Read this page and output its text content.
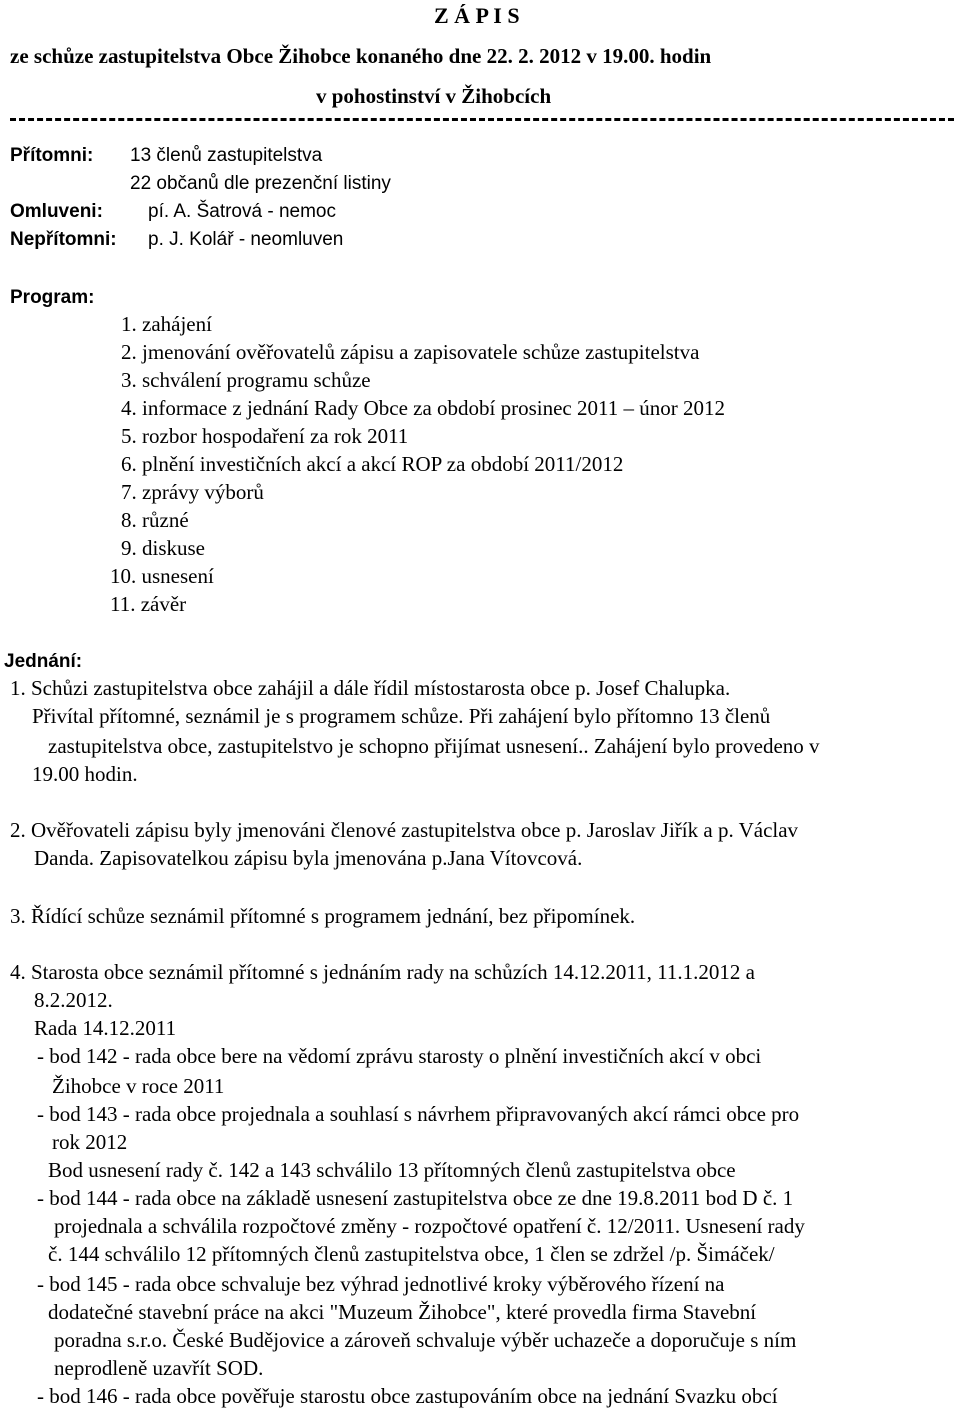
Z Á P I S
ze schůze zastupitelstva Obce Žihobce konaného dne 22. 2. 2012 v 19.00. hodin
v pohostinství v Žihobcích
Přítomni: 13 členů zastupitelstva
22 občanů dle prezenční listiny
Omluveni: pí. A. Šatrová - nemoc
Nepřítomni: p. J. Kolář - neomluven
Program:
1. zahájení
2. jmenování ověřovatelů zápisu a zapisovatele schůze zastupitelstva
3. schválení programu schůze
4. informace z jednání Rady Obce za období prosinec 2011 – únor 2012
5. rozbor hospodaření za rok 2011
6. plnění investičních akcí a akcí ROP za období 2011/2012
7. zprávy výborů
8. různé
9. diskuse
10. usnesení
11. závěr
Jednání:
1. Schůzi zastupitelstva obce zahájil a dále řídil místostarosta obce p. Josef Chalupka.
Přivítal přítomné, seznámil je s programem schůze. Při zahájení bylo přítomno 13 členů
zastupitelstva obce, zastupitelstvo je schopno přijímat usnesení.. Zahájení bylo provedeno v
19.00 hodin.
2. Ověřovateli zápisu byly jmenováni členové zastupitelstva obce p. Jaroslav Jiřík a p. Václav
Danda. Zapisovatelkou zápisu byla jmenována p.Jana Vítovcová.
3. Řídící schůze seznámil přítomné s programem jednání, bez připomínek.
4. Starosta obce seznámil přítomné s jednáním rady na schůzích 14.12.2011, 11.1.2012 a
8.2.2012.
Rada 14.12.2011
- bod 142 - rada obce bere na vědomí zprávu starosty o plnění investičních akcí v obci
Žihobce v roce 2011
- bod 143 - rada obce projednala a souhlasí s návrhem připravovaných akcí rámci obce pro
rok 2012
Bod usnesení rady č. 142 a 143 schválilo 13 přítomných členů zastupitelstva obce
- bod 144 - rada obce na základě usnesení zastupitelstva obce ze dne 19.8.2011 bod D č. 1
projednala a schválila rozpočtové změny - rozpočtové opatření č. 12/2011. Usnesení rady
č. 144 schválilo 12 přítomných členů zastupitelstva obce, 1 člen se zdržel /p. Šimáček/
- bod 145 - rada obce schvaluje bez výhrad jednotlivé kroky výběrového řízení na
dodatečné stavební práce na akci "Muzeum Žihobce", které provedla firma Stavební
poradna s.r.o. České Budějovice a zároveň schvaluje výběr uchazeče a doporučuje s ním
neprodleně uzavřít SOD.
- bod 146 - rada obce pověřuje starostu obce zastupováním obce na jednání Svazku obcí
